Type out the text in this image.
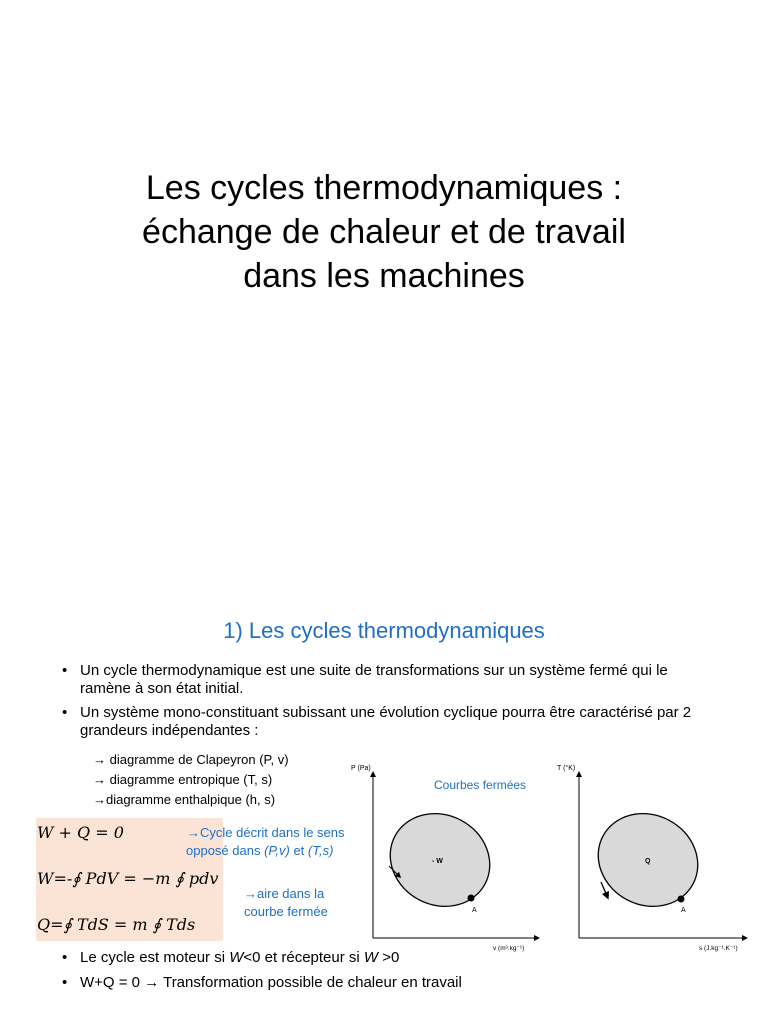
Les cycles thermodynamiques :
échange de chaleur et de travail
dans les machines
1) Les cycles thermodynamiques
• Un cycle thermodynamique est une suite de transformations sur un système fermé qui le ramène à son état initial.
• Un système mono-constituant subissant une évolution cyclique pourra être caractérisé par 2 grandeurs indépendantes :
→ diagramme de Clapeyron (P, v)
→ diagramme entropique (T, s)
→diagramme enthalpique (h, s)
W + Q = 0
W=-∮ PdV = −m ∮ pdv
Q=∮ TdS = m ∮ Tds
→Cycle décrit dans le sens
opposé dans (P,v) et (T,s)
→aire dans la
courbe fermée
Courbes fermées
P (Pa)
v (m³.kg⁻¹)
- W
A
T (°K)
s (J.kg⁻¹.K⁻¹)
Q
A
• Le cycle est moteur si W<0 et récepteur si W >0
• W+Q = 0 → Transformation possible de chaleur en travail
